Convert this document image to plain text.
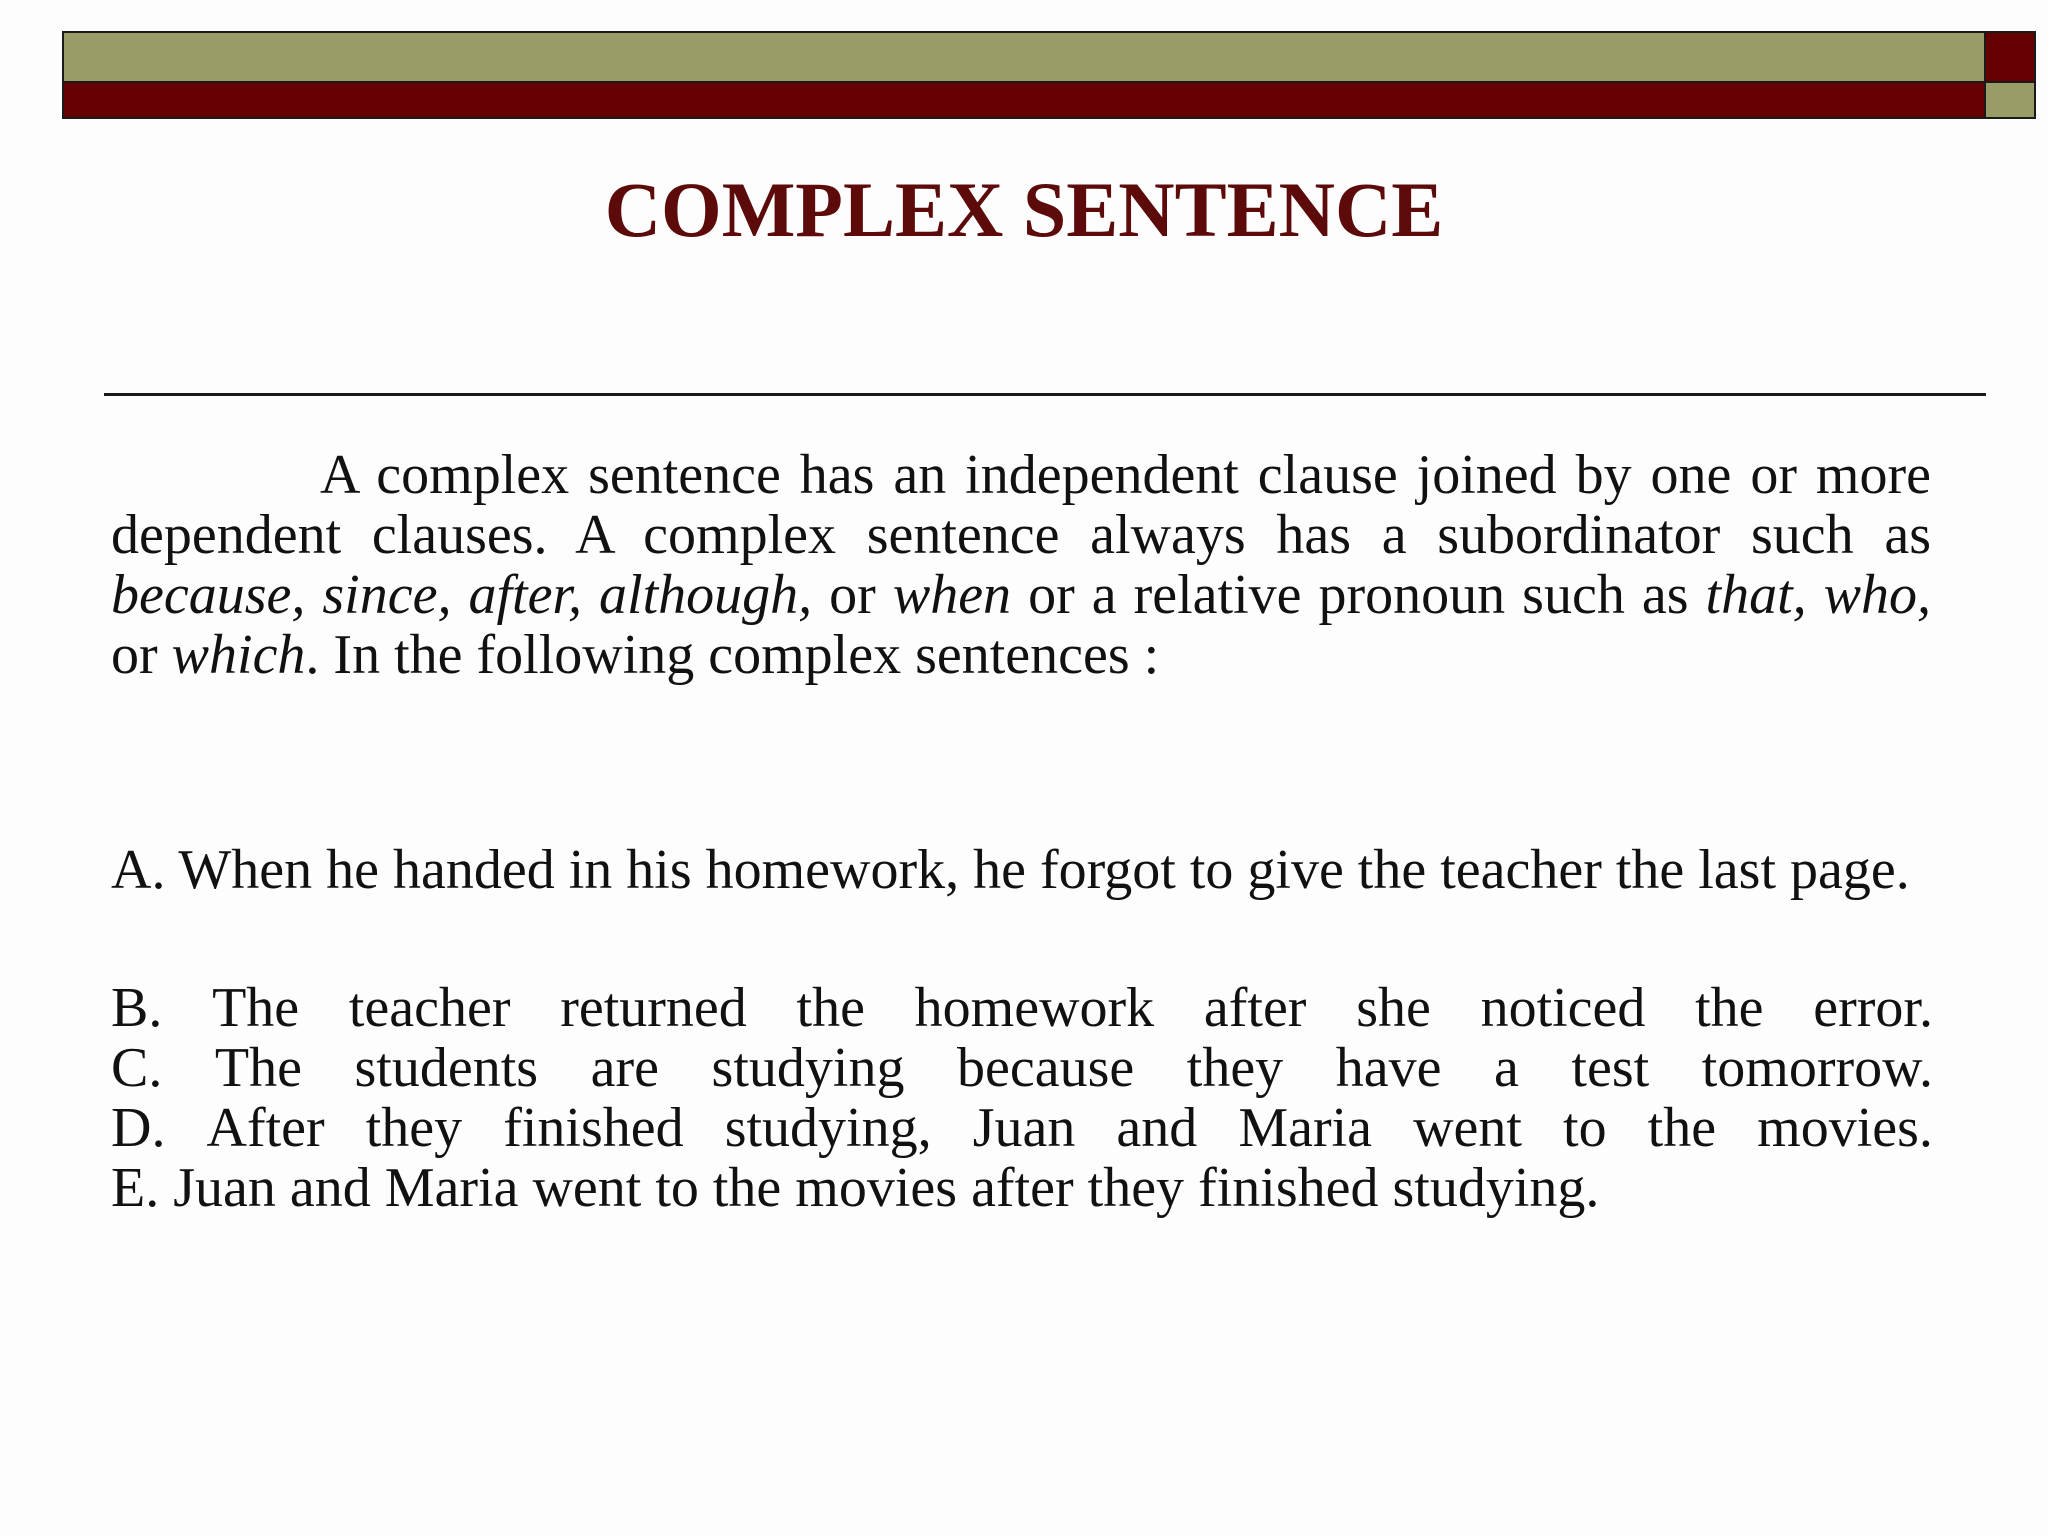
COMPLEX SENTENCE

A complex sentence has an independent clause joined by one or more dependent clauses. A complex sentence always has a subordinator such as because, since, after, although, or when or a relative pronoun such as that, who, or which. In the following complex sentences :

A. When he handed in his homework, he forgot to give the teacher the last page.

B. The teacher returned the homework after she noticed the error.
C. The students are studying because they have a test tomorrow.
D. After they finished studying, Juan and Maria went to the movies.
E. Juan and Maria went to the movies after they finished studying.
